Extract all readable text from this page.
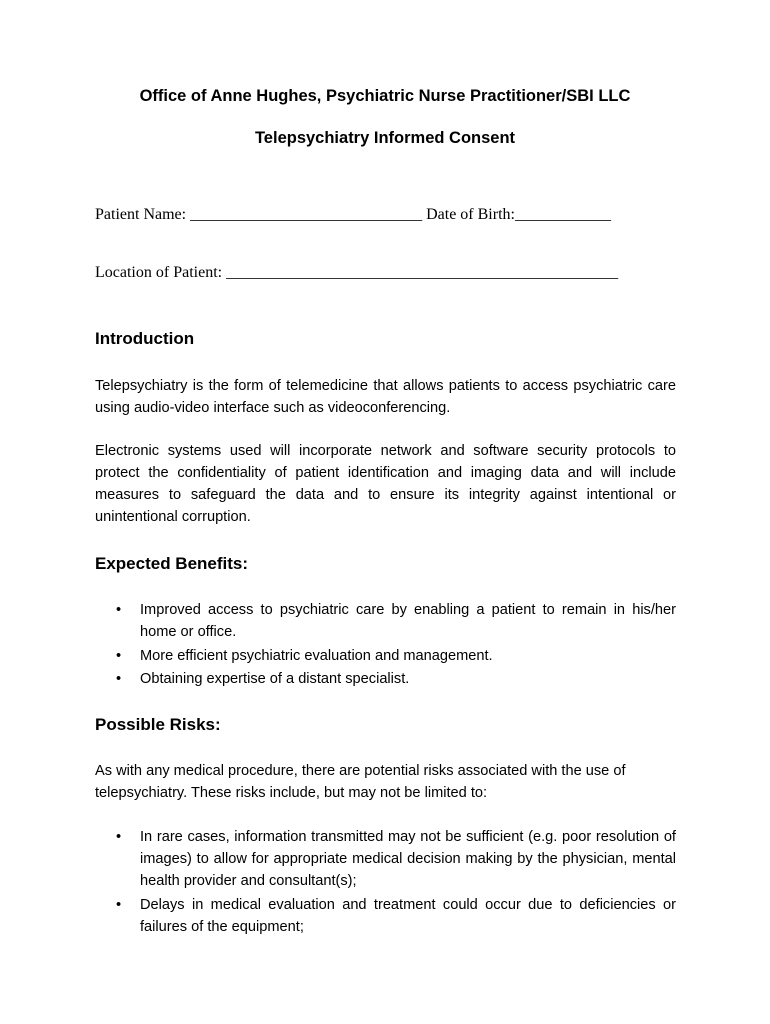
Office of Anne Hughes, Psychiatric Nurse Practitioner/SBI LLC
Telepsychiatry Informed Consent
Patient Name: _____________________________ Date of Birth:____________
Location of Patient: _________________________________________________
Introduction
Telepsychiatry is the form of telemedicine that allows patients to access psychiatric care using audio-video interface such as videoconferencing.
Electronic systems used will incorporate network and software security protocols to protect the confidentiality of patient identification and imaging data and will include measures to safeguard the data and to ensure its integrity against intentional or unintentional corruption.
Expected Benefits:
• Improved access to psychiatric care by enabling a patient to remain in his/her home or office.
• More efficient psychiatric evaluation and management.
• Obtaining expertise of a distant specialist.
Possible Risks:
As with any medical procedure, there are potential risks associated with the use of telepsychiatry. These risks include, but may not be limited to:
• In rare cases, information transmitted may not be sufficient (e.g. poor resolution of images) to allow for appropriate medical decision making by the physician, mental health provider and consultant(s);
• Delays in medical evaluation and treatment could occur due to deficiencies or failures of the equipment;
